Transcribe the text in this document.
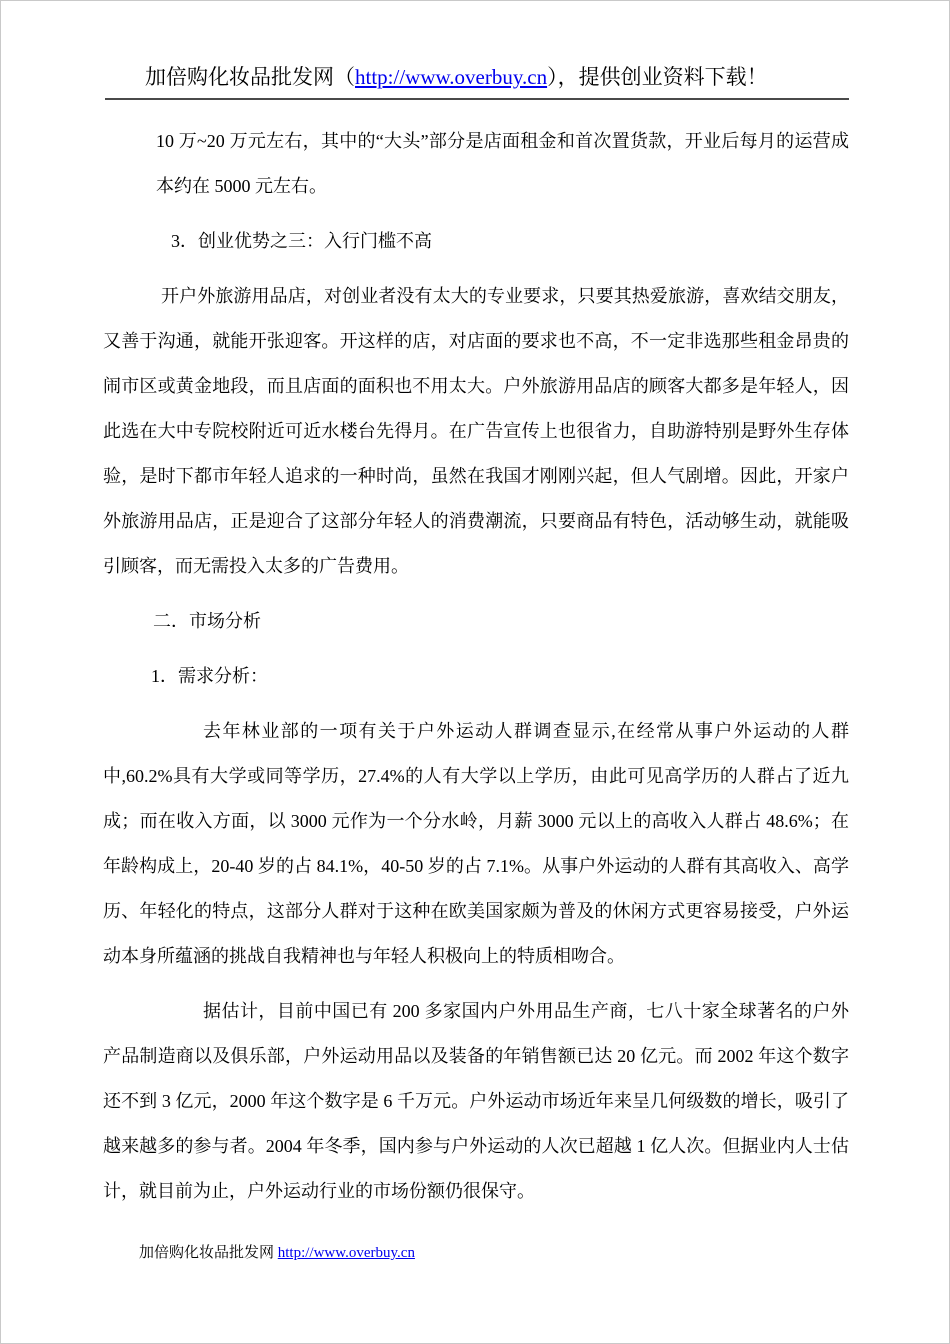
加倍购化妆品批发网（http://www.overbuy.cn），提供创业资料下载！

10 万~20 万元左右，其中的“大头”部分是店面租金和首次置货款，开业后每月的运营成本约在 5000 元左右。

3．创业优势之三：入行门槛不高

开户外旅游用品店，对创业者没有太大的专业要求，只要其热爱旅游，喜欢结交朋友，又善于沟通，就能开张迎客。开这样的店，对店面的要求也不高，不一定非选那些租金昂贵的闹市区或黄金地段，而且店面的面积也不用太大。户外旅游用品店的顾客大都多是年轻人，因此选在大中专院校附近可近水楼台先得月。在广告宣传上也很省力，自助游特别是野外生存体验，是时下都市年轻人追求的一种时尚，虽然在我国才刚刚兴起，但人气剧增。因此，开家户外旅游用品店，正是迎合了这部分年轻人的消费潮流，只要商品有特色，活动够生动，就能吸引顾客，而无需投入太多的广告费用。

二．市场分析

1．需求分析：

去年林业部的一项有关于户外运动人群调查显示,在经常从事户外运动的人群中,60.2%具有大学或同等学历，27.4%的人有大学以上学历，由此可见高学历的人群占了近九成；而在收入方面，以 3000 元作为一个分水岭，月薪 3000 元以上的高收入人群占 48.6%；在年龄构成上，20-40 岁的占 84.1%，40-50 岁的占 7.1%。从事户外运动的人群有其高收入、高学历、年轻化的特点，这部分人群对于这种在欧美国家颇为普及的休闲方式更容易接受，户外运动本身所蕴涵的挑战自我精神也与年轻人积极向上的特质相吻合。

据估计，目前中国已有 200 多家国内户外用品生产商，七八十家全球著名的户外产品制造商以及俱乐部，户外运动用品以及装备的年销售额已达 20 亿元。而 2002 年这个数字还不到 3 亿元，2000 年这个数字是 6 千万元。户外运动市场近年来呈几何级数的增长，吸引了越来越多的参与者。2004 年冬季，国内参与户外运动的人次已超越 1 亿人次。但据业内人士估计，就目前为止，户外运动行业的市场份额仍很保守。

加倍购化妆品批发网 http://www.overbuy.cn
